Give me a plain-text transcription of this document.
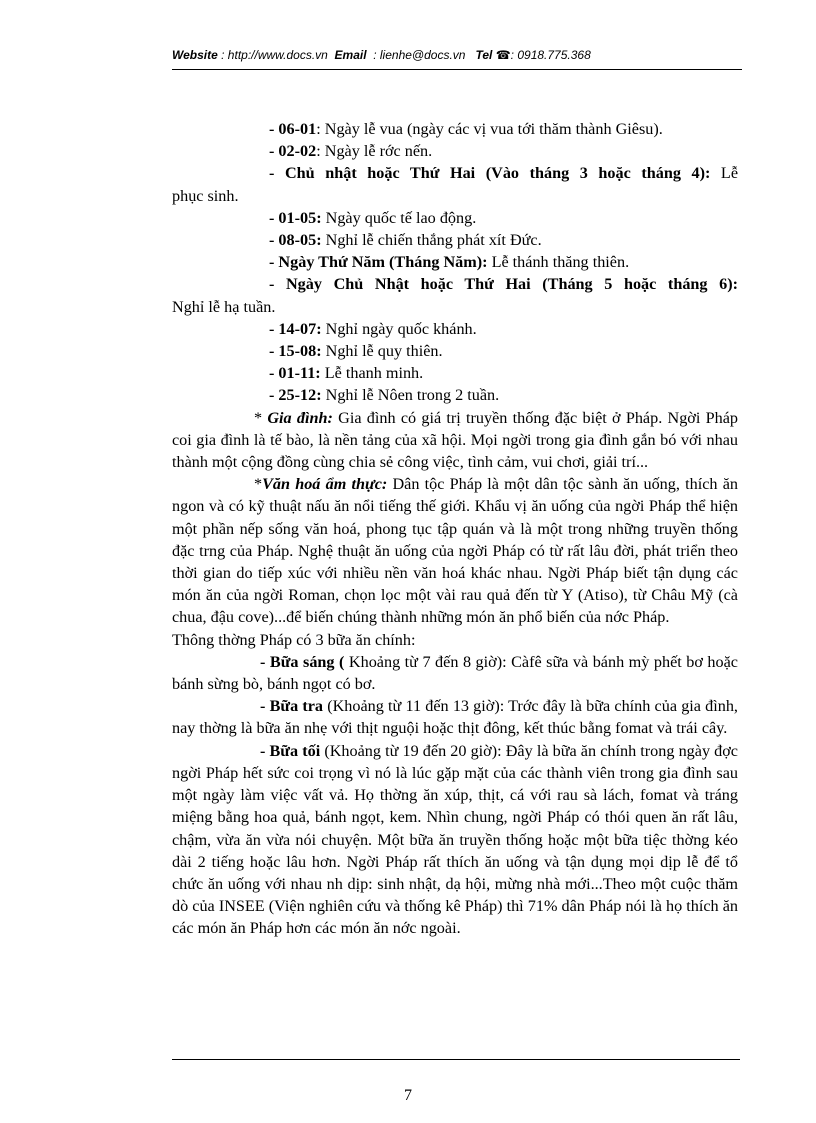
Website : http://www.docs.vn Email : lienhe@docs.vn Tel ☎: 0918.775.368

- 06-01: Ngày lễ vua (ngày các vị vua tới thăm thành Giêsu).

- 02-02: Ngày lễ rớc nến.

- Chủ nhật hoặc Thứ Hai (Vào tháng 3 hoặc tháng 4): Lễ

phục sinh.

- 01-05: Ngày quốc tế lao động.

- 08-05: Nghỉ lễ chiến thắng phát xít Đức.

- Ngày Thứ Năm (Tháng Năm): Lễ thánh thăng thiên.

- Ngày Chủ Nhật hoặc Thứ Hai (Tháng 5 hoặc tháng 6):

Nghỉ lễ hạ tuần.

- 14-07: Nghỉ ngày quốc khánh.

- 15-08: Nghỉ lễ quy thiên.

- 01-11: Lễ thanh minh.

- 25-12: Nghỉ lễ Nôen trong 2 tuần.

* Gia đình: Gia đình có giá trị truyền thống đặc biệt ở Pháp. Ngời Pháp coi gia đình là tế bào, là nền tảng của xã hội. Mọi ngời trong gia đình gắn bó với nhau thành một cộng đồng cùng chia sẻ công việc, tình cảm, vui chơi, giải trí...

*Văn hoá ẩm thực: Dân tộc Pháp là một dân tộc sành ăn uống, thích ăn ngon và có kỹ thuật nấu ăn nổi tiếng thế giới. Khẩu vị ăn uống của ngời Pháp thể hiện một phần nếp sống văn hoá, phong tục tập quán và là một trong những truyền thống đặc trng của Pháp. Nghệ thuật ăn uống của ngời Pháp có từ rất lâu đời, phát triển theo thời gian do tiếp xúc với nhiều nền văn hoá khác nhau. Ngời Pháp biết tận dụng các món ăn của ngời Roman, chọn lọc một vài rau quả đến từ Y (Atiso), từ Châu Mỹ (cà chua, đậu cove)...để biến chúng thành những món ăn phổ biến của nớc Pháp.

Thông thờng Pháp có 3 bữa ăn chính:

- Bữa sáng ( Khoảng từ 7 đến 8 giờ): Càfê sữa và bánh mỳ phết bơ hoặc bánh sừng bò, bánh ngọt có bơ.

- Bữa tra (Khoảng từ 11 đến 13 giờ): Trớc đây là bữa chính của gia đình, nay thờng là bữa ăn nhẹ với thịt nguội hoặc thịt đông, kết thúc bằng fomat và trái cây.

- Bữa tối (Khoảng từ 19 đến 20 giờ): Đây là bữa ăn chính trong ngày đợc ngời Pháp hết sức coi trọng vì nó là lúc gặp mặt của các thành viên trong gia đình sau một ngày làm việc vất vả. Họ thờng ăn xúp, thịt, cá với rau sà lách, fomat và tráng miệng bằng hoa quả, bánh ngọt, kem. Nhìn chung, ngời Pháp có thói quen ăn rất lâu, chậm, vừa ăn vừa nói chuyện. Một bữa ăn truyền thống hoặc một bữa tiệc thờng kéo dài 2 tiếng hoặc lâu hơn. Ngời Pháp rất thích ăn uống và tận dụng mọi dịp lễ để tổ chức ăn uống với nhau nh dịp: sinh nhật, dạ hội, mừng nhà mới...Theo một cuộc thăm dò của INSEE (Viện nghiên cứu và thống kê Pháp) thì 71% dân Pháp nói là họ thích ăn các món ăn Pháp hơn các món ăn nớc ngoài.

7
